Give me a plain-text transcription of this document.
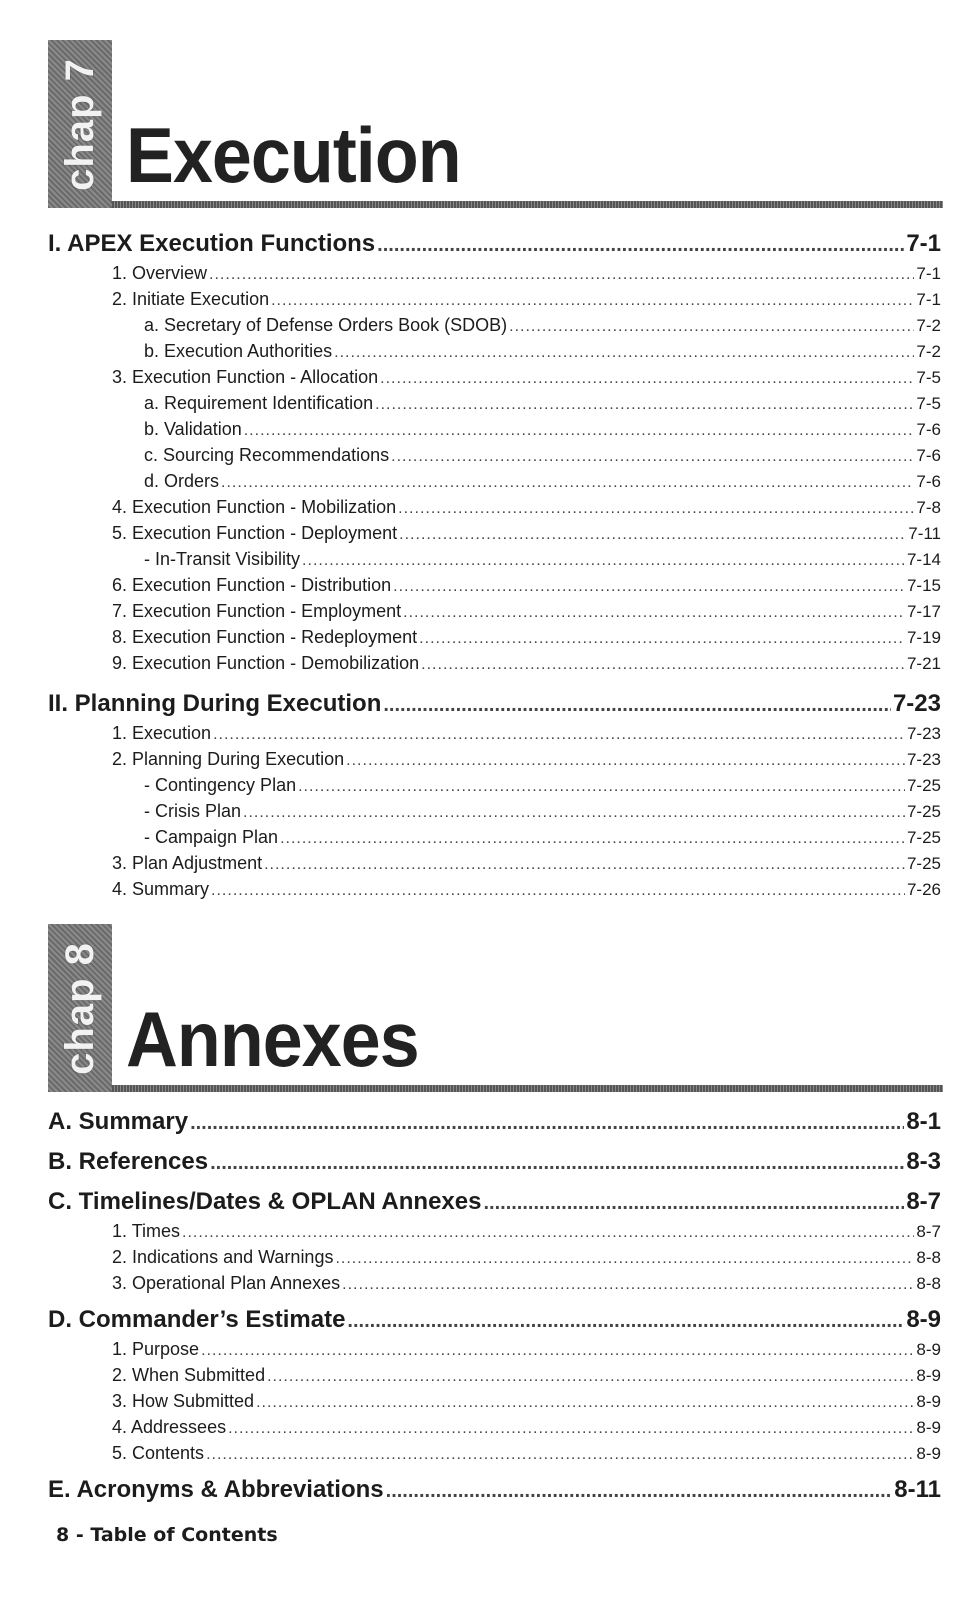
chap 7 Execution
I. APEX Execution Functions .....	7-1
1. Overview .....	7-1
2. Initiate Execution .....	7-1
a. Secretary of Defense Orders Book (SDOB) .....	7-2
b. Execution Authorities .....	7-2
3. Execution Function - Allocation .....	7-5
a. Requirement Identification .....	7-5
b. Validation .....	7-6
c. Sourcing Recommendations .....	7-6
d. Orders .....	7-6
4. Execution Function - Mobilization .....	7-8
5. Execution Function - Deployment .....	7-11
- In-Transit Visibility .....	7-14
6. Execution Function - Distribution .....	7-15
7. Execution Function - Employment .....	7-17
8. Execution Function - Redeployment .....	7-19
9. Execution Function - Demobilization .....	7-21
II. Planning During Execution .....	7-23
1. Execution .....	7-23
2. Planning During Execution .....	7-23
- Contingency Plan .....	7-25
- Crisis Plan .....	7-25
- Campaign Plan .....	7-25
3. Plan Adjustment .....	7-25
4. Summary .....	7-26
chap 8 Annexes
A. Summary .....	8-1
B. References .....	8-3
C. Timelines/Dates & OPLAN Annexes .....	8-7
1. Times .....	8-7
2. Indications and Warnings .....	8-8
3. Operational Plan Annexes .....	8-8
D. Commander’s Estimate .....	8-9
1. Purpose .....	8-9
2. When Submitted .....	8-9
3. How Submitted .....	8-9
4. Addressees .....	8-9
5. Contents .....	8-9
E. Acronyms & Abbreviations .....	8-11
8 - Table of Contents
